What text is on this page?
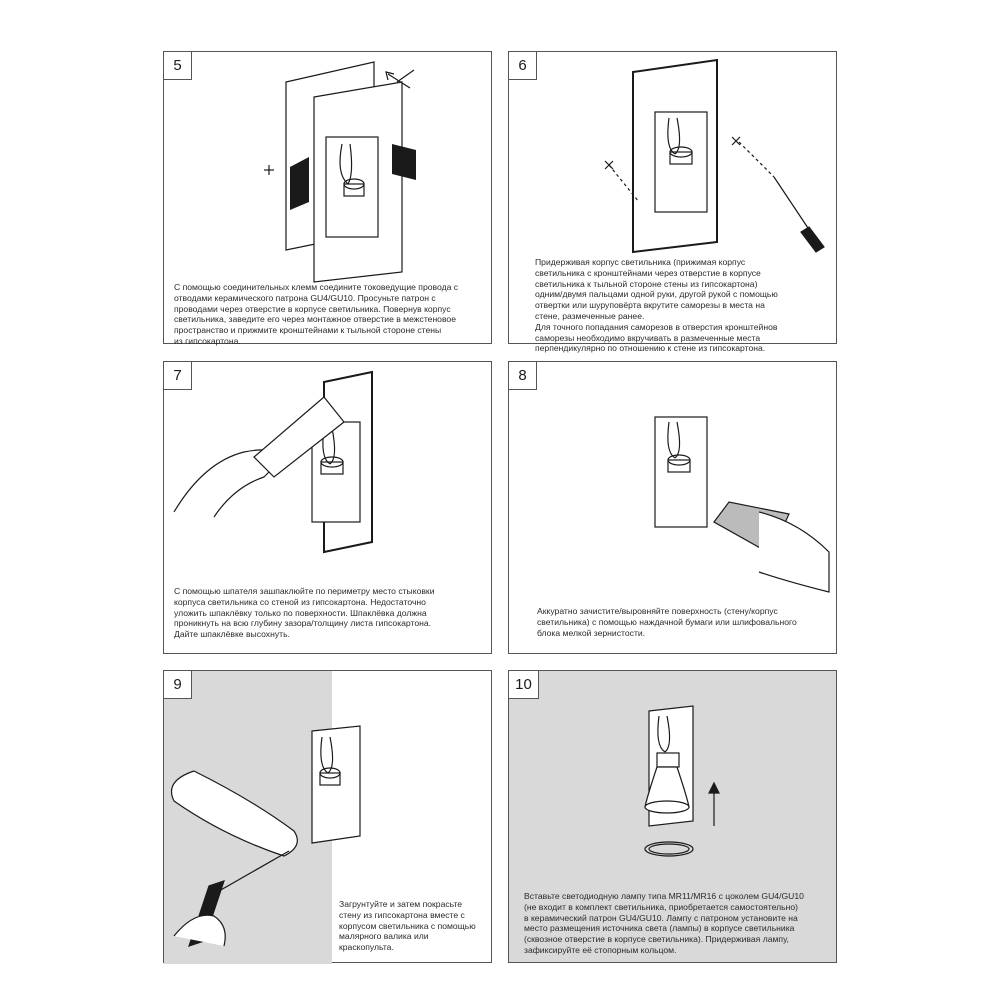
5
С помощью соединительных клемм соедините токоведущие провода с
отводами керамического патрона GU4/GU10. Просуньте патрон с
проводами через отверстие в корпусе светильника. Повернув корпус
светильника, заведите его через монтажное отверстие в межстеновое
пространство и прижмите кронштейнами к тыльной стороне стены
из гипсокартона.
6
Придерживая корпус светильника (прижимая корпус
светильника с кронштейнами через отверстие в корпусе
светильника к тыльной стороне стены из гипсокартона)
одним/двумя пальцами одной руки, другой рукой с помощью
отвертки или шуруповёрта вкрутите саморезы в места на
стене, размеченные ранее.
Для точного попадания саморезов в отверстия кронштейнов
саморезы необходимо вкручивать в размеченные места
перпендикулярно по отношению к стене из гипсокартона.
7
С помощью шпателя зашпаклюйте по периметру место стыковки
корпуса светильника со стеной из гипсокартона. Недостаточно
уложить шпаклёвку только по поверхности. Шпаклёвка должна
проникнуть на всю глубину зазора/толщину листа гипсокартона.
Дайте шпаклёвке высохнуть.
8
Аккуратно зачистите/выровняйте поверхность (стену/корпус
светильника) с помощью наждачной бумаги или шлифовального
блока мелкой зернистости.
9
Загрунтуйте и затем покрасьте
стену из гипсокартона вместе с
корпусом светильника с помощью
малярного валика или
краскопульта.
10
Вставьте светодиодную лампу типа MR11/MR16 с цоколем GU4/GU10
(не входит в комплект светильника, приобретается самостоятельно)
в керамический патрон GU4/GU10. Лампу с патроном установите на
место размещения источника света (лампы) в корпусе светильника
(сквозное отверстие в корпусе светильника). Придерживая лампу,
зафиксируйте её стопорным кольцом.
